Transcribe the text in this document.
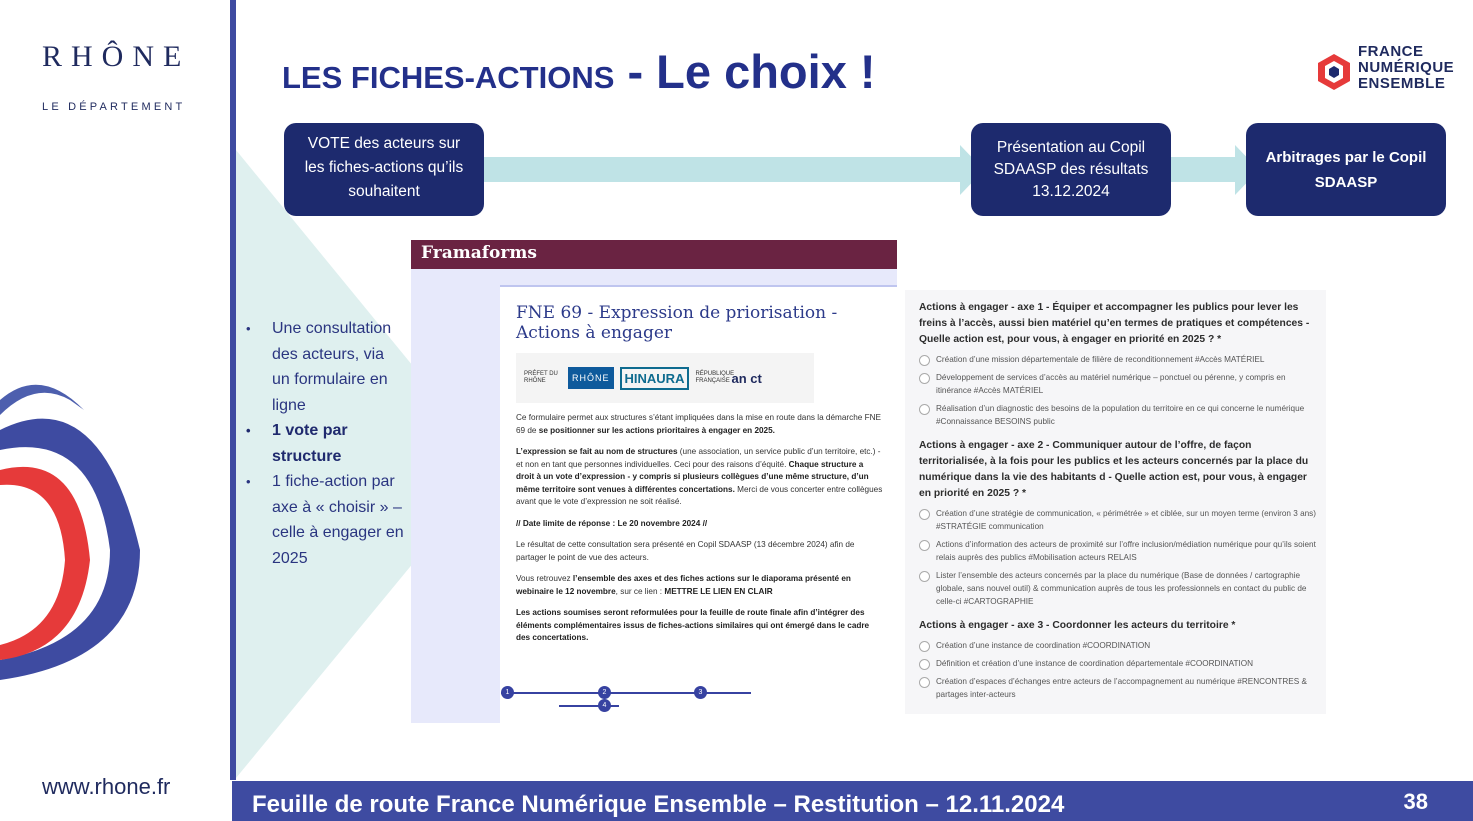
RHÔNE
LE DÉPARTEMENT
www.rhone.fr
LES FICHES-ACTIONS - Le choix !	FRANCE
NUMÉRIQUE
ENSEMBLE
VOTE des acteurs sur les fiches-actions qu’ils souhaitent
Présentation au Copil SDAASP des résultats 13.12.2024
Arbitrages par le Copil SDAASP
• Une consultation des acteurs, via un formulaire en ligne
• 1 vote par structure
• 1 fiche-action par axe à « choisir » – celle à engager en 2025
Framaforms
FNE 69 - Expression de priorisation - Actions à engager
PRÉFET DU RHÔNE	RHÔNE	HINAURA	RÉPUBLIQUE FRANÇAISE an ct

Ce formulaire permet aux structures s’étant impliquées dans la mise en route dans la démarche FNE 69 de se positionner sur les actions prioritaires à engager en 2025.

L’expression se fait au nom de structures (une association, un service public d’un territoire, etc.) - et non en tant que personnes individuelles. Ceci pour des raisons d’équité. Chaque structure a droit à un vote d’expression - y compris si plusieurs collègues d’une même structure, d’un même territoire sont venues à différentes concertations. Merci de vous concerter entre collègues avant que le vote d’expression ne soit réalisé.

// Date limite de réponse : Le 20 novembre 2024 //

Le résultat de cette consultation sera présenté en Copil SDAASP (13 décembre 2024) afin de partager le point de vue des acteurs.

Vous retrouvez l’ensemble des axes et des fiches actions sur le diaporama présenté en webinaire le 12 novembre, sur ce lien : METTRE LE LIEN EN CLAIR

Les actions soumises seront reformulées pour la feuille de route finale afin d’intégrer des éléments complémentaires issus de fiches-actions similaires qui ont émergé dans le cadre des concertations.

1	2	3
4
Actions à engager - axe 1 - Équiper et accompagner les publics pour lever les freins à l’accès, aussi bien matériel qu’en termes de pratiques et compétences - Quelle action est, pour vous, à engager en priorité en 2025 ? *
Création d’une mission départementale de filière de reconditionnement #Accès MATÉRIEL
Développement de services d’accès au matériel numérique – ponctuel ou pérenne, y compris en itinérance #Accès MATÉRIEL
Réalisation d’un diagnostic des besoins de la population du territoire en ce qui concerne le numérique #Connaissance BESOINS public
Actions à engager - axe 2 - Communiquer autour de l’offre, de façon territorialisée, à la fois pour les publics et les acteurs concernés par la place du numérique dans la vie des habitants d - Quelle action est, pour vous, à engager en priorité en 2025 ? *
Création d’une stratégie de communication, « périmétrée » et ciblée, sur un moyen terme (environ 3 ans) #STRATÉGIE communication
Actions d’information des acteurs de proximité sur l’offre inclusion/médiation numérique pour qu’ils soient relais auprès des publics #Mobilisation acteurs RELAIS
Lister l’ensemble des acteurs concernés par la place du numérique (Base de données / cartographie globale, sans nouvel outil) & communication auprès de tous les professionnels en contact du public de celle-ci #CARTOGRAPHIE
Actions à engager - axe 3 - Coordonner les acteurs du territoire *
Création d’une instance de coordination #COORDINATION
Définition et création d’une instance de coordination départementale #COORDINATION
Création d’espaces d’échanges entre acteurs de l’accompagnement au numérique #RENCONTRES & partages inter-acteurs
Feuille de route France Numérique Ensemble – Restitution – 12.11.2024	38
